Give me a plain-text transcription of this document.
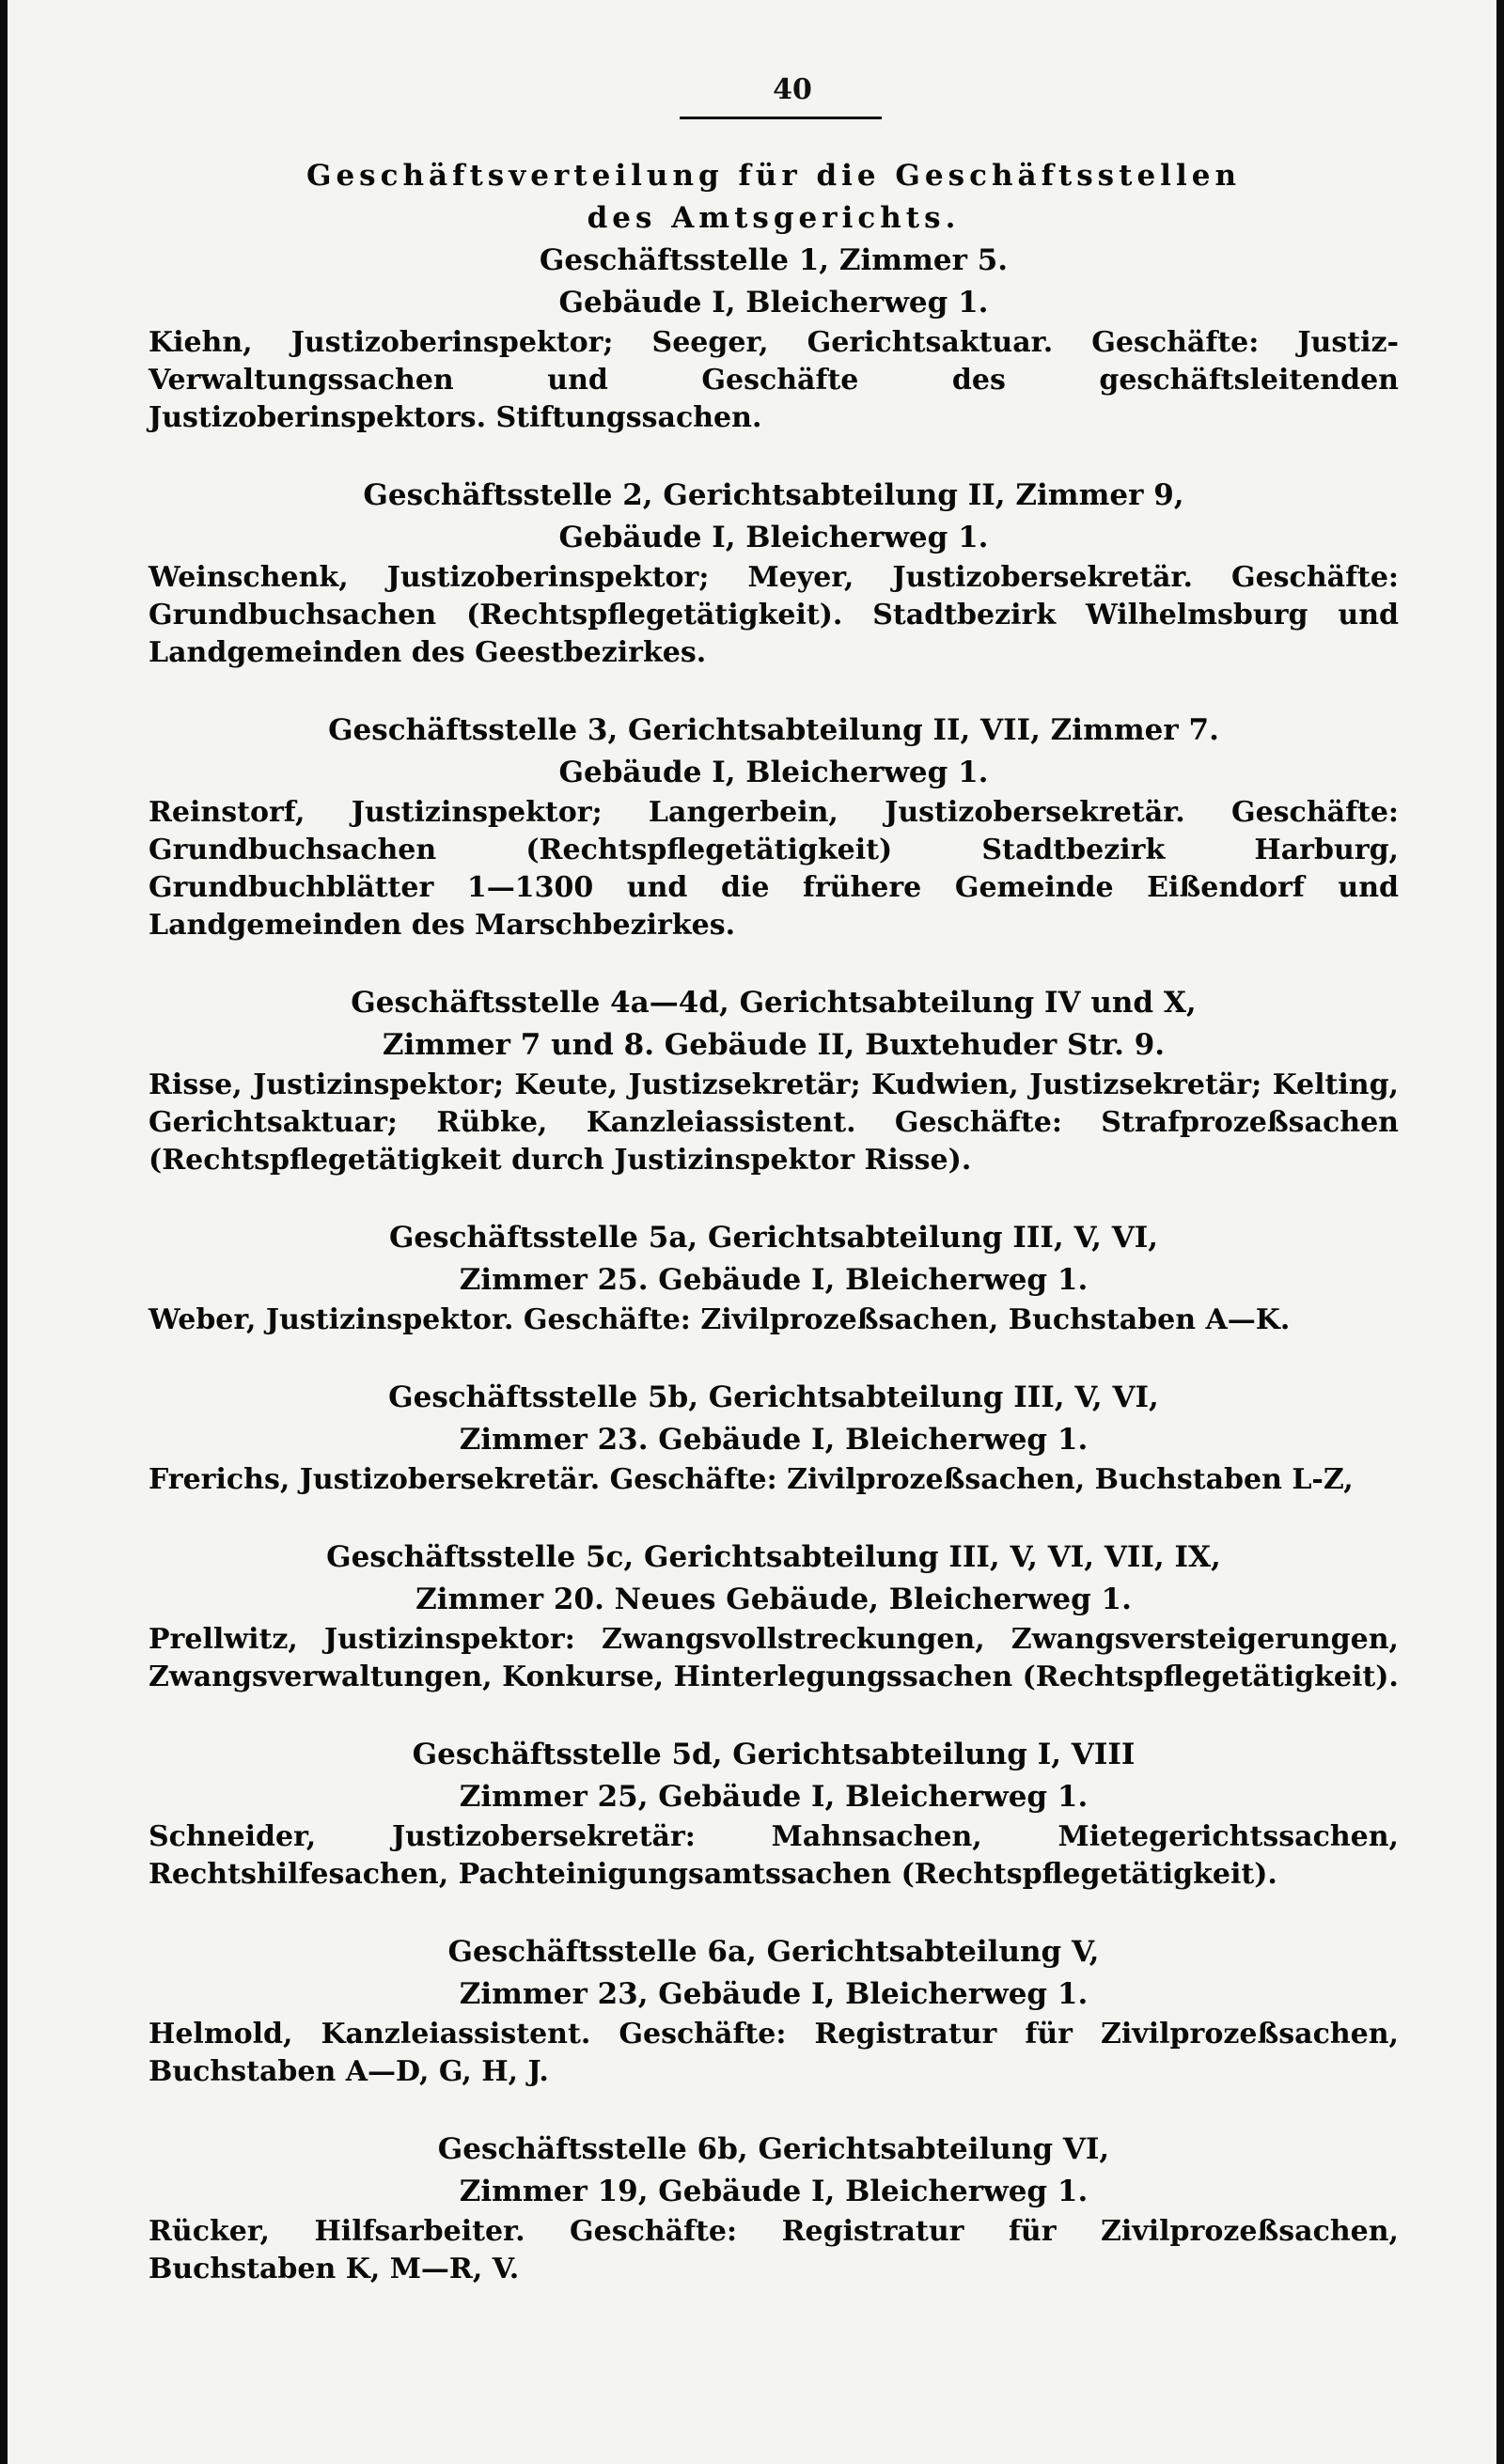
40
Geschäftsverteilung für die Geschäftsstellen
des Amtsgerichts.
Geschäftsstelle 1, Zimmer 5.
Gebäude I, Bleicherweg 1.
Kiehn, Justizoberinspektor; Seeger, Gerichtsaktuar. Geschäfte: Justiz-Verwaltungssachen und Geschäfte des geschäftsleitenden Justizoberinspektors. Stiftungssachen.
Geschäftsstelle 2, Gerichtsabteilung II, Zimmer 9,
Gebäude I, Bleicherweg 1.
Weinschenk, Justizoberinspektor; Meyer, Justizobersekretär. Geschäfte: Grundbuchsachen (Rechtspflegetätigkeit). Stadtbezirk Wilhelmsburg und Landgemeinden des Geestbezirkes.
Geschäftsstelle 3, Gerichtsabteilung II, VII, Zimmer 7.
Gebäude I, Bleicherweg 1.
Reinstorf, Justizinspektor; Langerbein, Justizobersekretär. Geschäfte: Grundbuchsachen (Rechtspflegetätigkeit) Stadtbezirk Harburg, Grundbuchblätter 1—1300 und die frühere Gemeinde Eißendorf und Landgemeinden des Marschbezirkes.
Geschäftsstelle 4a—4d, Gerichtsabteilung IV und X,
Zimmer 7 und 8. Gebäude II, Buxtehuder Str. 9.
Risse, Justizinspektor; Keute, Justizsekretär; Kudwien, Justizsekretär; Kelting, Gerichtsaktuar; Rübke, Kanzleiassistent. Geschäfte: Strafprozeßsachen (Rechtspflegetätigkeit durch Justizinspektor Risse).
Geschäftsstelle 5a, Gerichtsabteilung III, V, VI,
Zimmer 25. Gebäude I, Bleicherweg 1.
Weber, Justizinspektor. Geschäfte: Zivilprozeßsachen, Buchstaben A—K.
Geschäftsstelle 5b, Gerichtsabteilung III, V, VI,
Zimmer 23. Gebäude I, Bleicherweg 1.
Frerichs, Justizobersekretär. Geschäfte: Zivilprozeßsachen, Buchstaben L-Z,
Geschäftsstelle 5c, Gerichtsabteilung III, V, VI, VII, IX,
Zimmer 20. Neues Gebäude, Bleicherweg 1.
Prellwitz, Justizinspektor: Zwangsvollstreckungen, Zwangsversteigerungen, Zwangsverwaltungen, Konkurse, Hinterlegungssachen (Rechtspflegetätigkeit).
Geschäftsstelle 5d, Gerichtsabteilung I, VIII
Zimmer 25, Gebäude I, Bleicherweg 1.
Schneider, Justizobersekretär: Mahnsachen, Mietegerichtssachen, Rechtshilfesachen, Pachteinigungsamtssachen (Rechtspflegetätigkeit).
Geschäftsstelle 6a, Gerichtsabteilung V,
Zimmer 23, Gebäude I, Bleicherweg 1.
Helmold, Kanzleiassistent. Geschäfte: Registratur für Zivilprozeßsachen, Buchstaben A—D, G, H, J.
Geschäftsstelle 6b, Gerichtsabteilung VI,
Zimmer 19, Gebäude I, Bleicherweg 1.
Rücker, Hilfsarbeiter. Geschäfte: Registratur für Zivilprozeßsachen, Buchstaben K, M—R, V.
